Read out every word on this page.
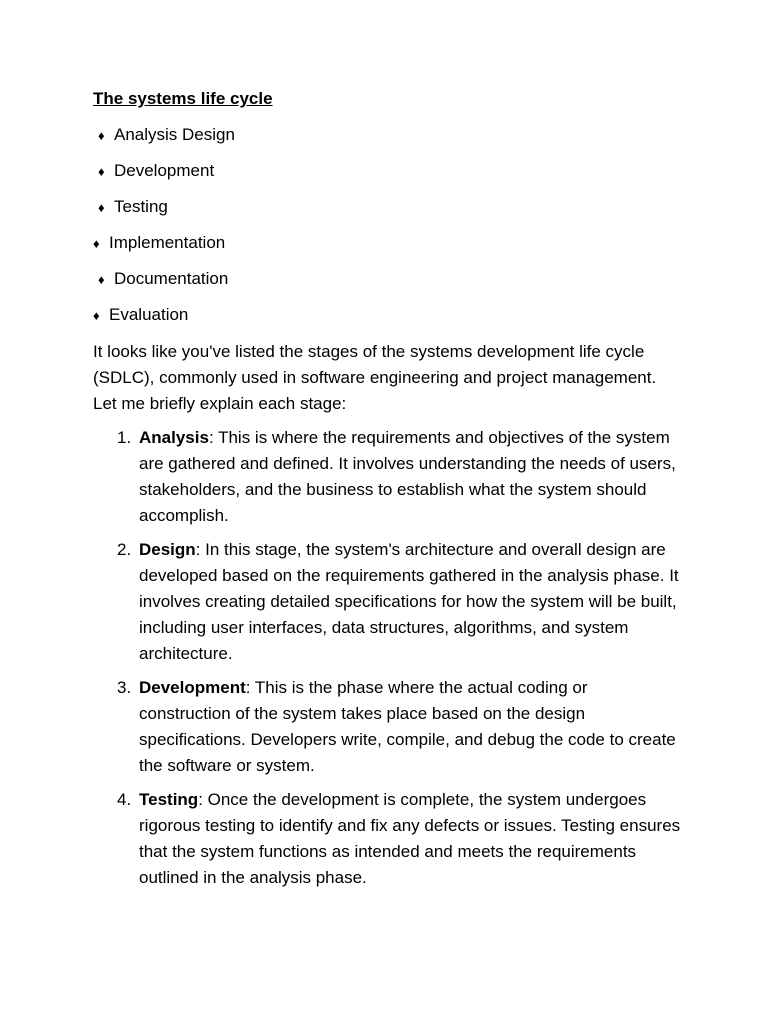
The systems life cycle
♦ Analysis Design
♦ Development
♦ Testing
♦ Implementation
♦ Documentation
♦ Evaluation

It looks like you've listed the stages of the systems development life cycle (SDLC), commonly used in software engineering and project management. Let me briefly explain each stage:

1. Analysis: This is where the requirements and objectives of the system are gathered and defined. It involves understanding the needs of users, stakeholders, and the business to establish what the system should accomplish.
2. Design: In this stage, the system's architecture and overall design are developed based on the requirements gathered in the analysis phase. It involves creating detailed specifications for how the system will be built, including user interfaces, data structures, algorithms, and system architecture.
3. Development: This is the phase where the actual coding or construction of the system takes place based on the design specifications. Developers write, compile, and debug the code to create the software or system.
4. Testing: Once the development is complete, the system undergoes rigorous testing to identify and fix any defects or issues. Testing ensures that the system functions as intended and meets the requirements outlined in the analysis phase.
